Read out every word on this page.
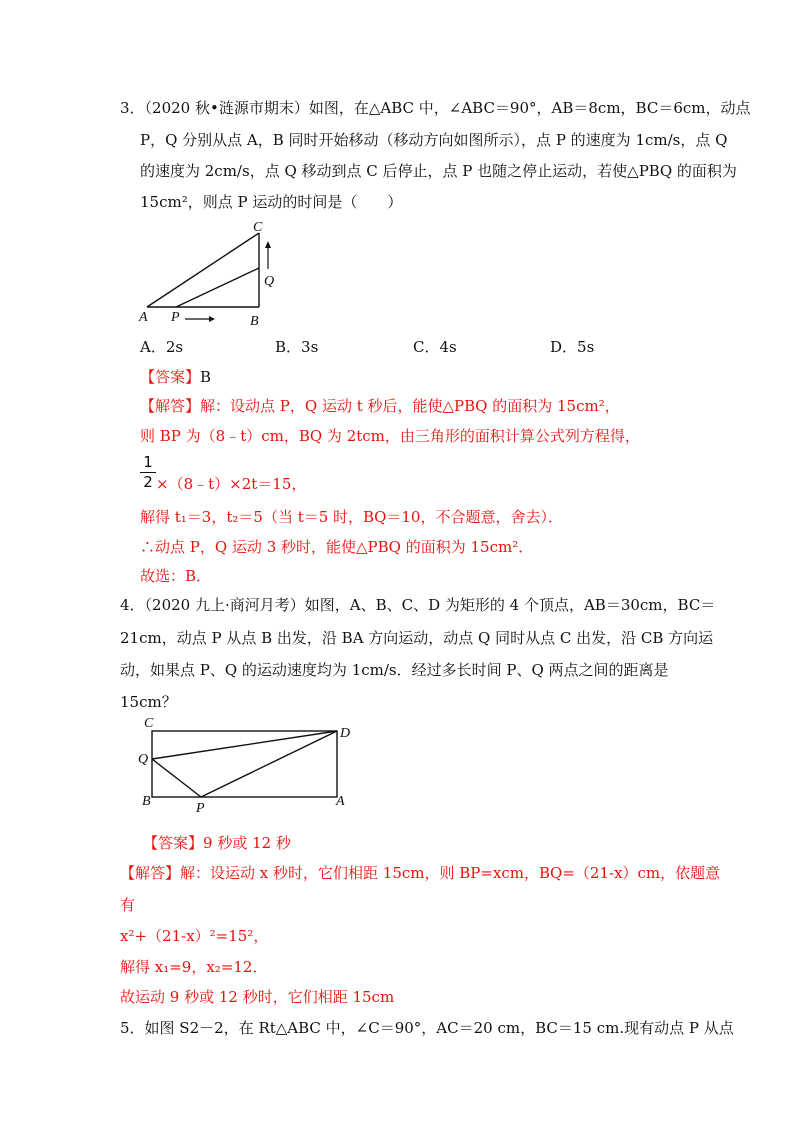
3．（2020 秋•涟源市期末）如图，在△ABC 中，∠ABC＝90°，AB＝8cm，BC＝6cm，动点
P，Q 分别从点 A，B 同时开始移动（移动方向如图所示），点 P 的速度为 1cm/s，点 Q
的速度为 2cm/s，点 Q 移动到点 C 后停止，点 P 也随之停止运动，若使△PBQ 的面积为
15cm²，则点 P 运动的时间是（　　）
C
Q
A P	B
A．2s	B．3s	C．4s	D．5s
【答案】B
【解答】解：设动点 P，Q 运动 t 秒后，能使△PBQ 的面积为 15cm²，
则 BP 为（8﹣t）cm，BQ 为 2tcm，由三角形的面积计算公式列方程得，
1
2 ×（8﹣t）×2t＝15，
解得 t₁＝3，t₂＝5（当 t＝5 时，BQ＝10，不合题意，舍去）．
∴动点 P，Q 运动 3 秒时，能使△PBQ 的面积为 15cm²．
故选：B．
4．（2020 九上·商河月考）如图，A、B、C、D 为矩形的 4 个顶点，AB＝30cm，BC＝
21cm，动点 P 从点 B 出发，沿 BA 方向运动，动点 Q 同时从点 C 出发，沿 CB 方向运
动，如果点 P、Q 的运动速度均为 1cm/s．经过多长时间 P、Q 两点之间的距离是
15cm？
C
D
Q
B	P	A
【答案】9 秒或 12 秒
【解答】解：设运动 x 秒时，它们相距 15cm，则 BP=xcm，BQ=（21-x）cm，依题意
有
x²+（21-x）²=15²，
解得 x₁=9，x₂=12．
故运动 9 秒或 12 秒时，它们相距 15cm
5．如图 S2－2，在 Rt△ABC 中，∠C＝90°，AC＝20 cm，BC＝15 cm.现有动点 P 从点
